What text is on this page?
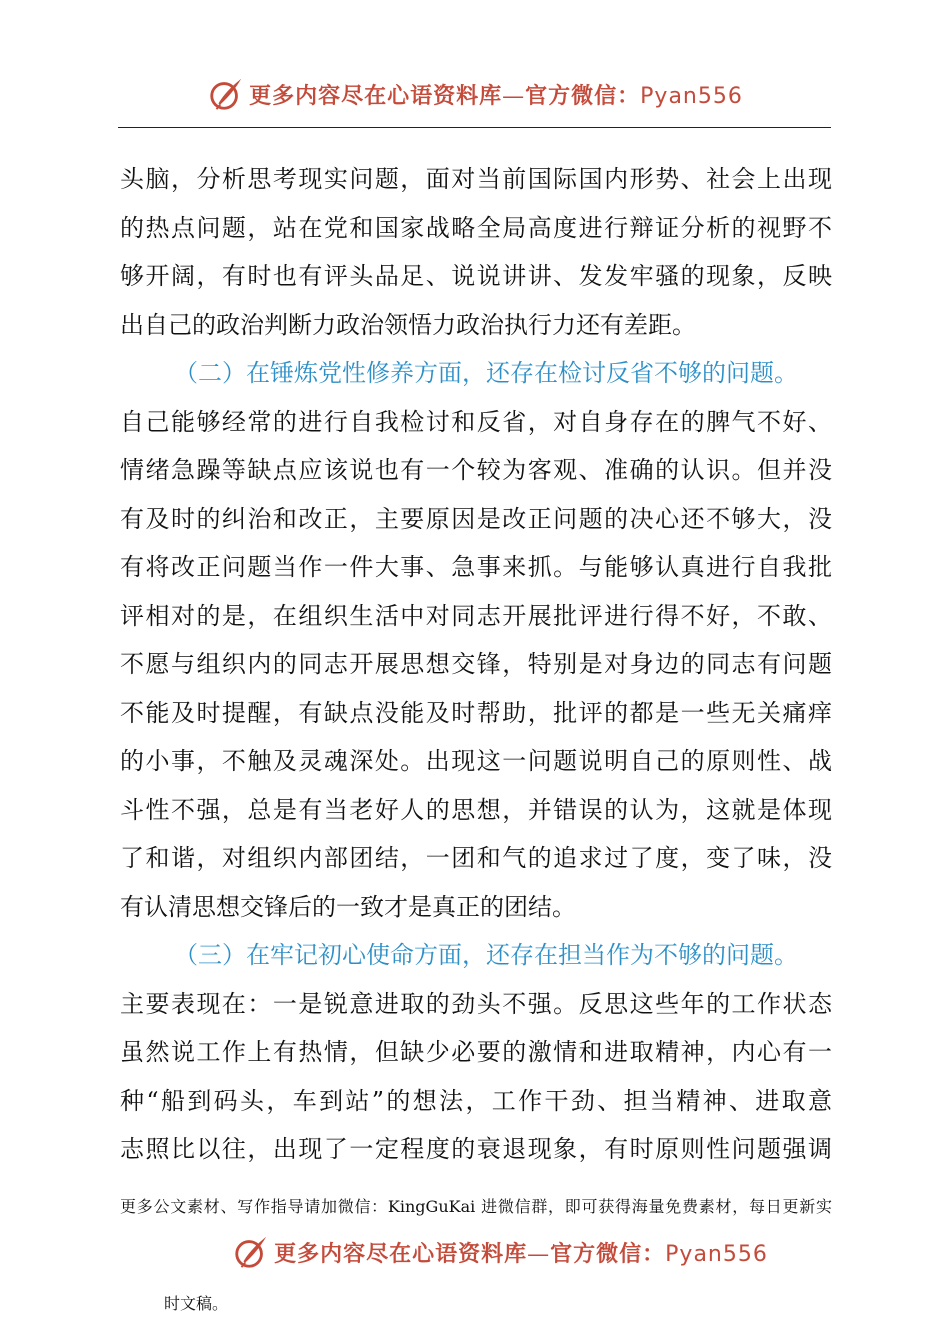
更多内容尽在心语资料库—官方微信：Pyan556
头脑，分析思考现实问题，面对当前国际国内形势、社会上出现
的热点问题，站在党和国家战略全局高度进行辩证分析的视野不
够开阔，有时也有评头品足、说说讲讲、发发牢骚的现象，反映
出自己的政治判断力政治领悟力政治执行力还有差距。
（二）在锤炼党性修养方面，还存在检讨反省不够的问题。
自己能够经常的进行自我检讨和反省，对自身存在的脾气不好、
情绪急躁等缺点应该说也有一个较为客观、准确的认识。但并没
有及时的纠治和改正，主要原因是改正问题的决心还不够大，没
有将改正问题当作一件大事、急事来抓。与能够认真进行自我批
评相对的是，在组织生活中对同志开展批评进行得不好，不敢、
不愿与组织内的同志开展思想交锋，特别是对身边的同志有问题
不能及时提醒，有缺点没能及时帮助，批评的都是一些无关痛痒
的小事，不触及灵魂深处。出现这一问题说明自己的原则性、战
斗性不强，总是有当老好人的思想，并错误的认为，这就是体现
了和谐，对组织内部团结，一团和气的追求过了度，变了味，没
有认清思想交锋后的一致才是真正的团结。
（三）在牢记初心使命方面，还存在担当作为不够的问题。
主要表现在：一是锐意进取的劲头不强。反思这些年的工作状态
虽然说工作上有热情，但缺少必要的激情和进取精神，内心有一
种“船到码头，车到站”的想法，工作干劲、担当精神、进取意
志照比以往，出现了一定程度的衰退现象，有时原则性问题强调
更多公文素材、写作指导请加微信：KingGuKai 进微信群，即可获得海量免费素材，每日更新实
更多内容尽在心语资料库—官方微信：Pyan556
时文稿。
